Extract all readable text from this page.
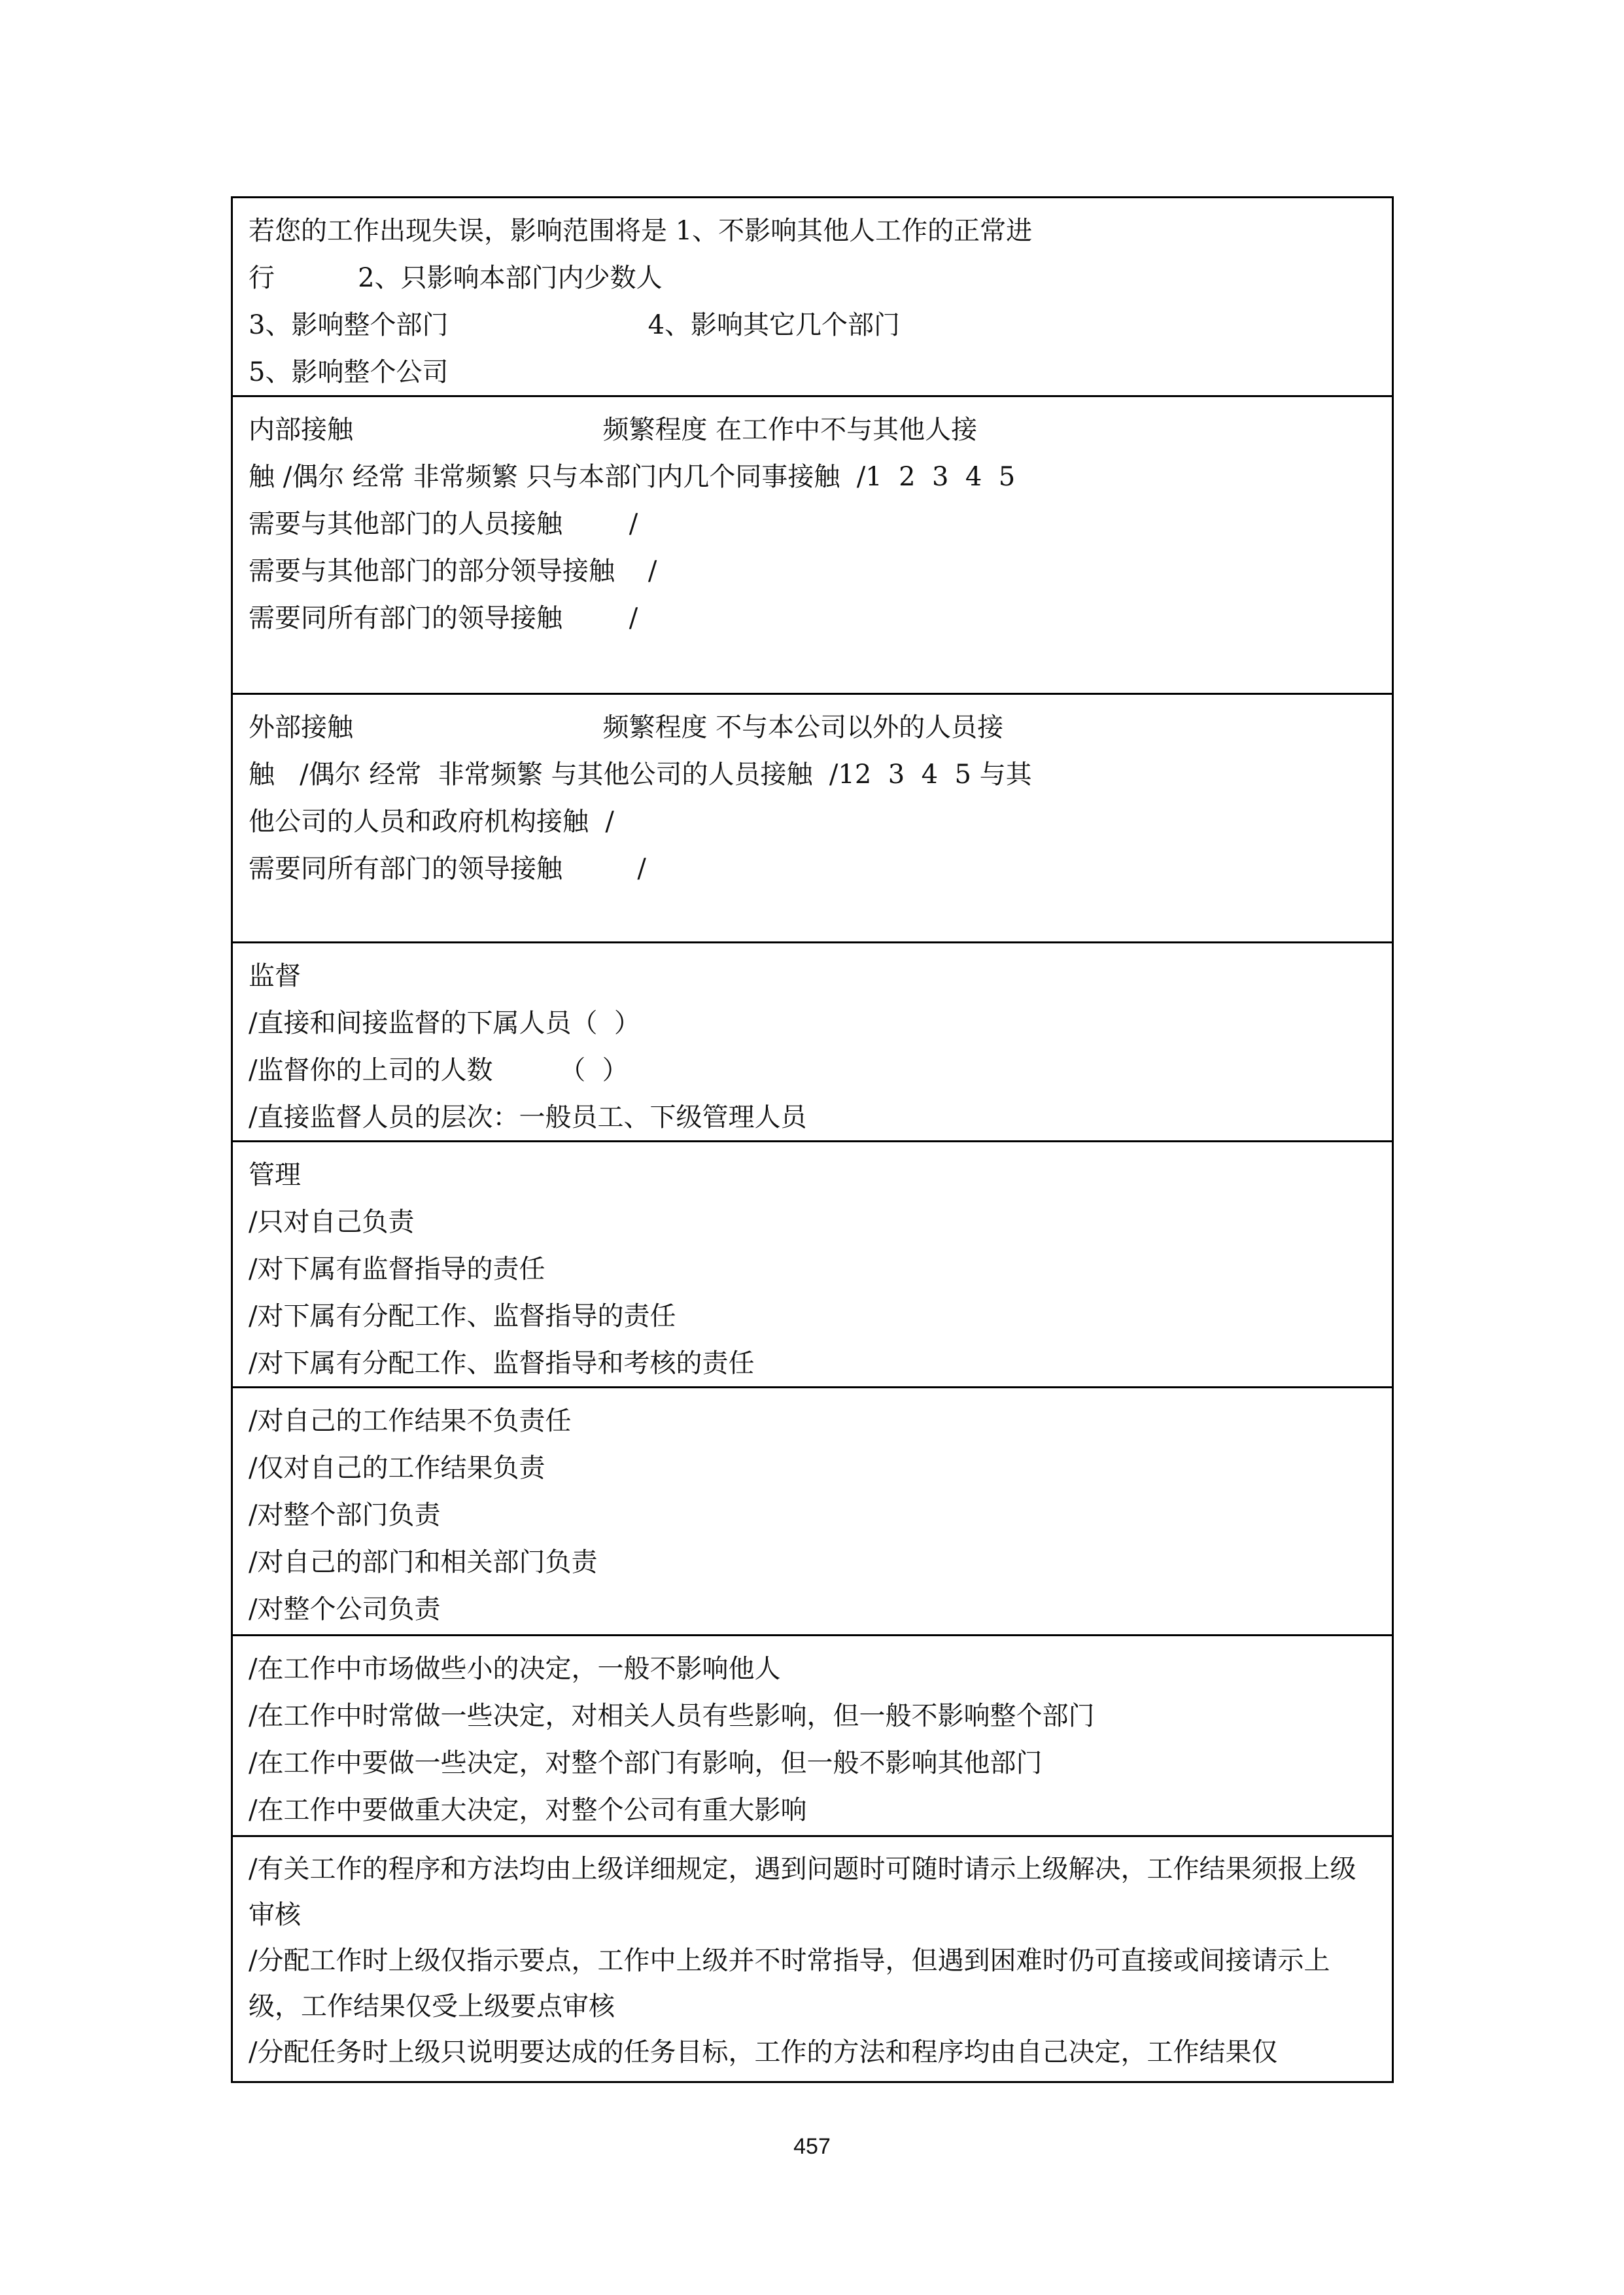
若您的工作出现失误，影响范围将是 1、不影响其他人工作的正常进
行          2、只影响本部门内少数人
3、影响整个部门                        4、影响其它几个部门
5、影响整个公司
内部接触                              频繁程度 在工作中不与其他人接
触 /偶尔 经常 非常频繁 只与本部门内几个同事接触  /1  2  3  4  5
需要与其他部门的人员接触        /
需要与其他部门的部分领导接触    /
需要同所有部门的领导接触        /
外部接触                              频繁程度 不与本公司以外的人员接
触   /偶尔 经常  非常频繁 与其他公司的人员接触  /12  3  4  5 与其
他公司的人员和政府机构接触  /
需要同所有部门的领导接触         /
监督
/直接和间接监督的下属人员（  ）
/监督你的上司的人数        （  ）
/直接监督人员的层次：一般员工、下级管理人员
管理
/只对自己负责
/对下属有监督指导的责任
/对下属有分配工作、监督指导的责任
/对下属有分配工作、监督指导和考核的责任
/对自己的工作结果不负责任
/仅对自己的工作结果负责
/对整个部门负责
/对自己的部门和相关部门负责
/对整个公司负责
/在工作中市场做些小的决定，一般不影响他人
/在工作中时常做一些决定，对相关人员有些影响，但一般不影响整个部门
/在工作中要做一些决定，对整个部门有影响，但一般不影响其他部门
/在工作中要做重大决定，对整个公司有重大影响
/有关工作的程序和方法均由上级详细规定，遇到问题时可随时请示上级解决，工作结果须报上级审核
/分配工作时上级仅指示要点，工作中上级并不时常指导，但遇到困难时仍可直接或间接请示上级，工作结果仅受上级要点审核
/分配任务时上级只说明要达成的任务目标，工作的方法和程序均由自己决定，工作结果仅
457
